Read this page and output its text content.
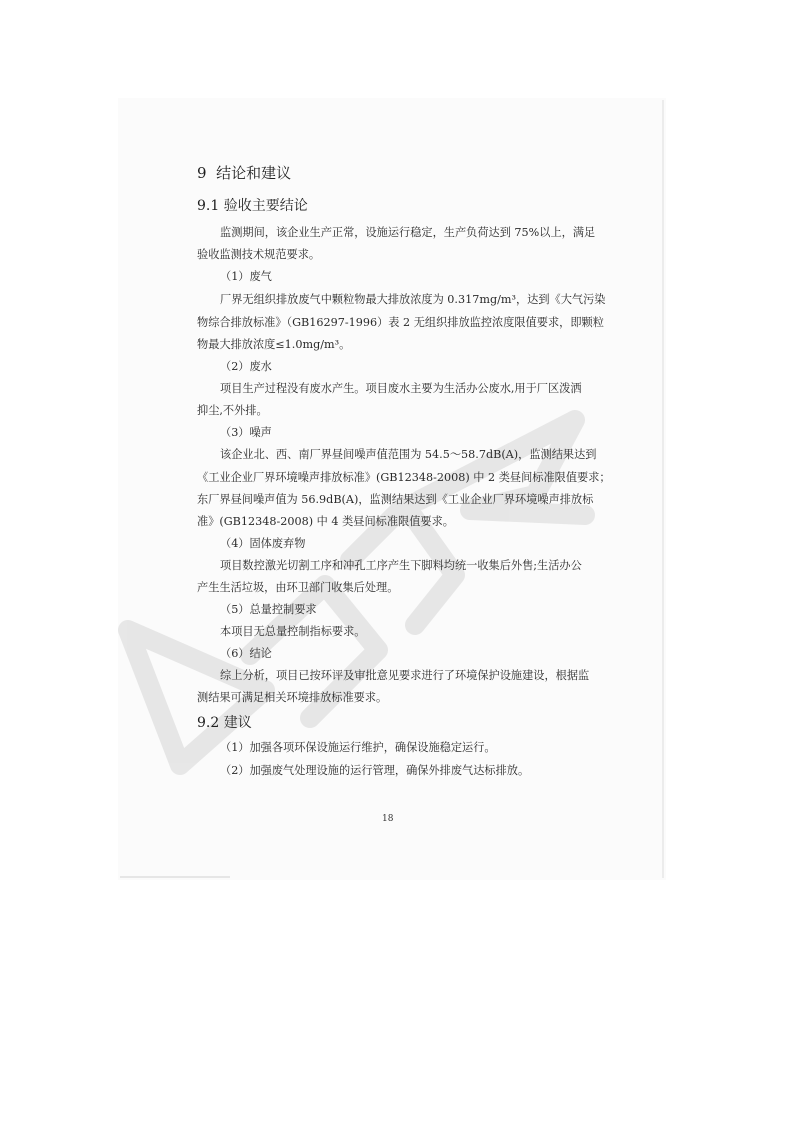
9 结论和建议
9.1 验收主要结论
监测期间，该企业生产正常，设施运行稳定，生产负荷达到 75%以上，满足
验收监测技术规范要求。
（1）废气
厂界无组织排放废气中颗粒物最大排放浓度为 0.317mg/m³，达到《大气污染
物综合排放标准》（GB16297-1996）表 2 无组织排放监控浓度限值要求，即颗粒
物最大排放浓度≤1.0mg/m³。
（2）废水
项目生产过程没有废水产生。项目废水主要为生活办公废水,用于厂区泼洒
抑尘,不外排。
（3）噪声
该企业北、西、南厂界昼间噪声值范围为 54.5～58.7dB(A)，监测结果达到
《工业企业厂界环境噪声排放标准》(GB12348-2008) 中 2 类昼间标准限值要求；
东厂界昼间噪声值为 56.9dB(A)，监测结果达到《工业企业厂界环境噪声排放标
准》(GB12348-2008) 中 4 类昼间标准限值要求。
（4）固体废弃物
项目数控激光切割工序和冲孔工序产生下脚料均统一收集后外售;生活办公
产生生活垃圾，由环卫部门收集后处理。
（5）总量控制要求
本项目无总量控制指标要求。
（6）结论
综上分析，项目已按环评及审批意见要求进行了环境保护设施建设，根据监
测结果可满足相关环境排放标准要求。
9.2 建议
（1）加强各项环保设施运行维护，确保设施稳定运行。
（2）加强废气处理设施的运行管理，确保外排废气达标排放。
18
